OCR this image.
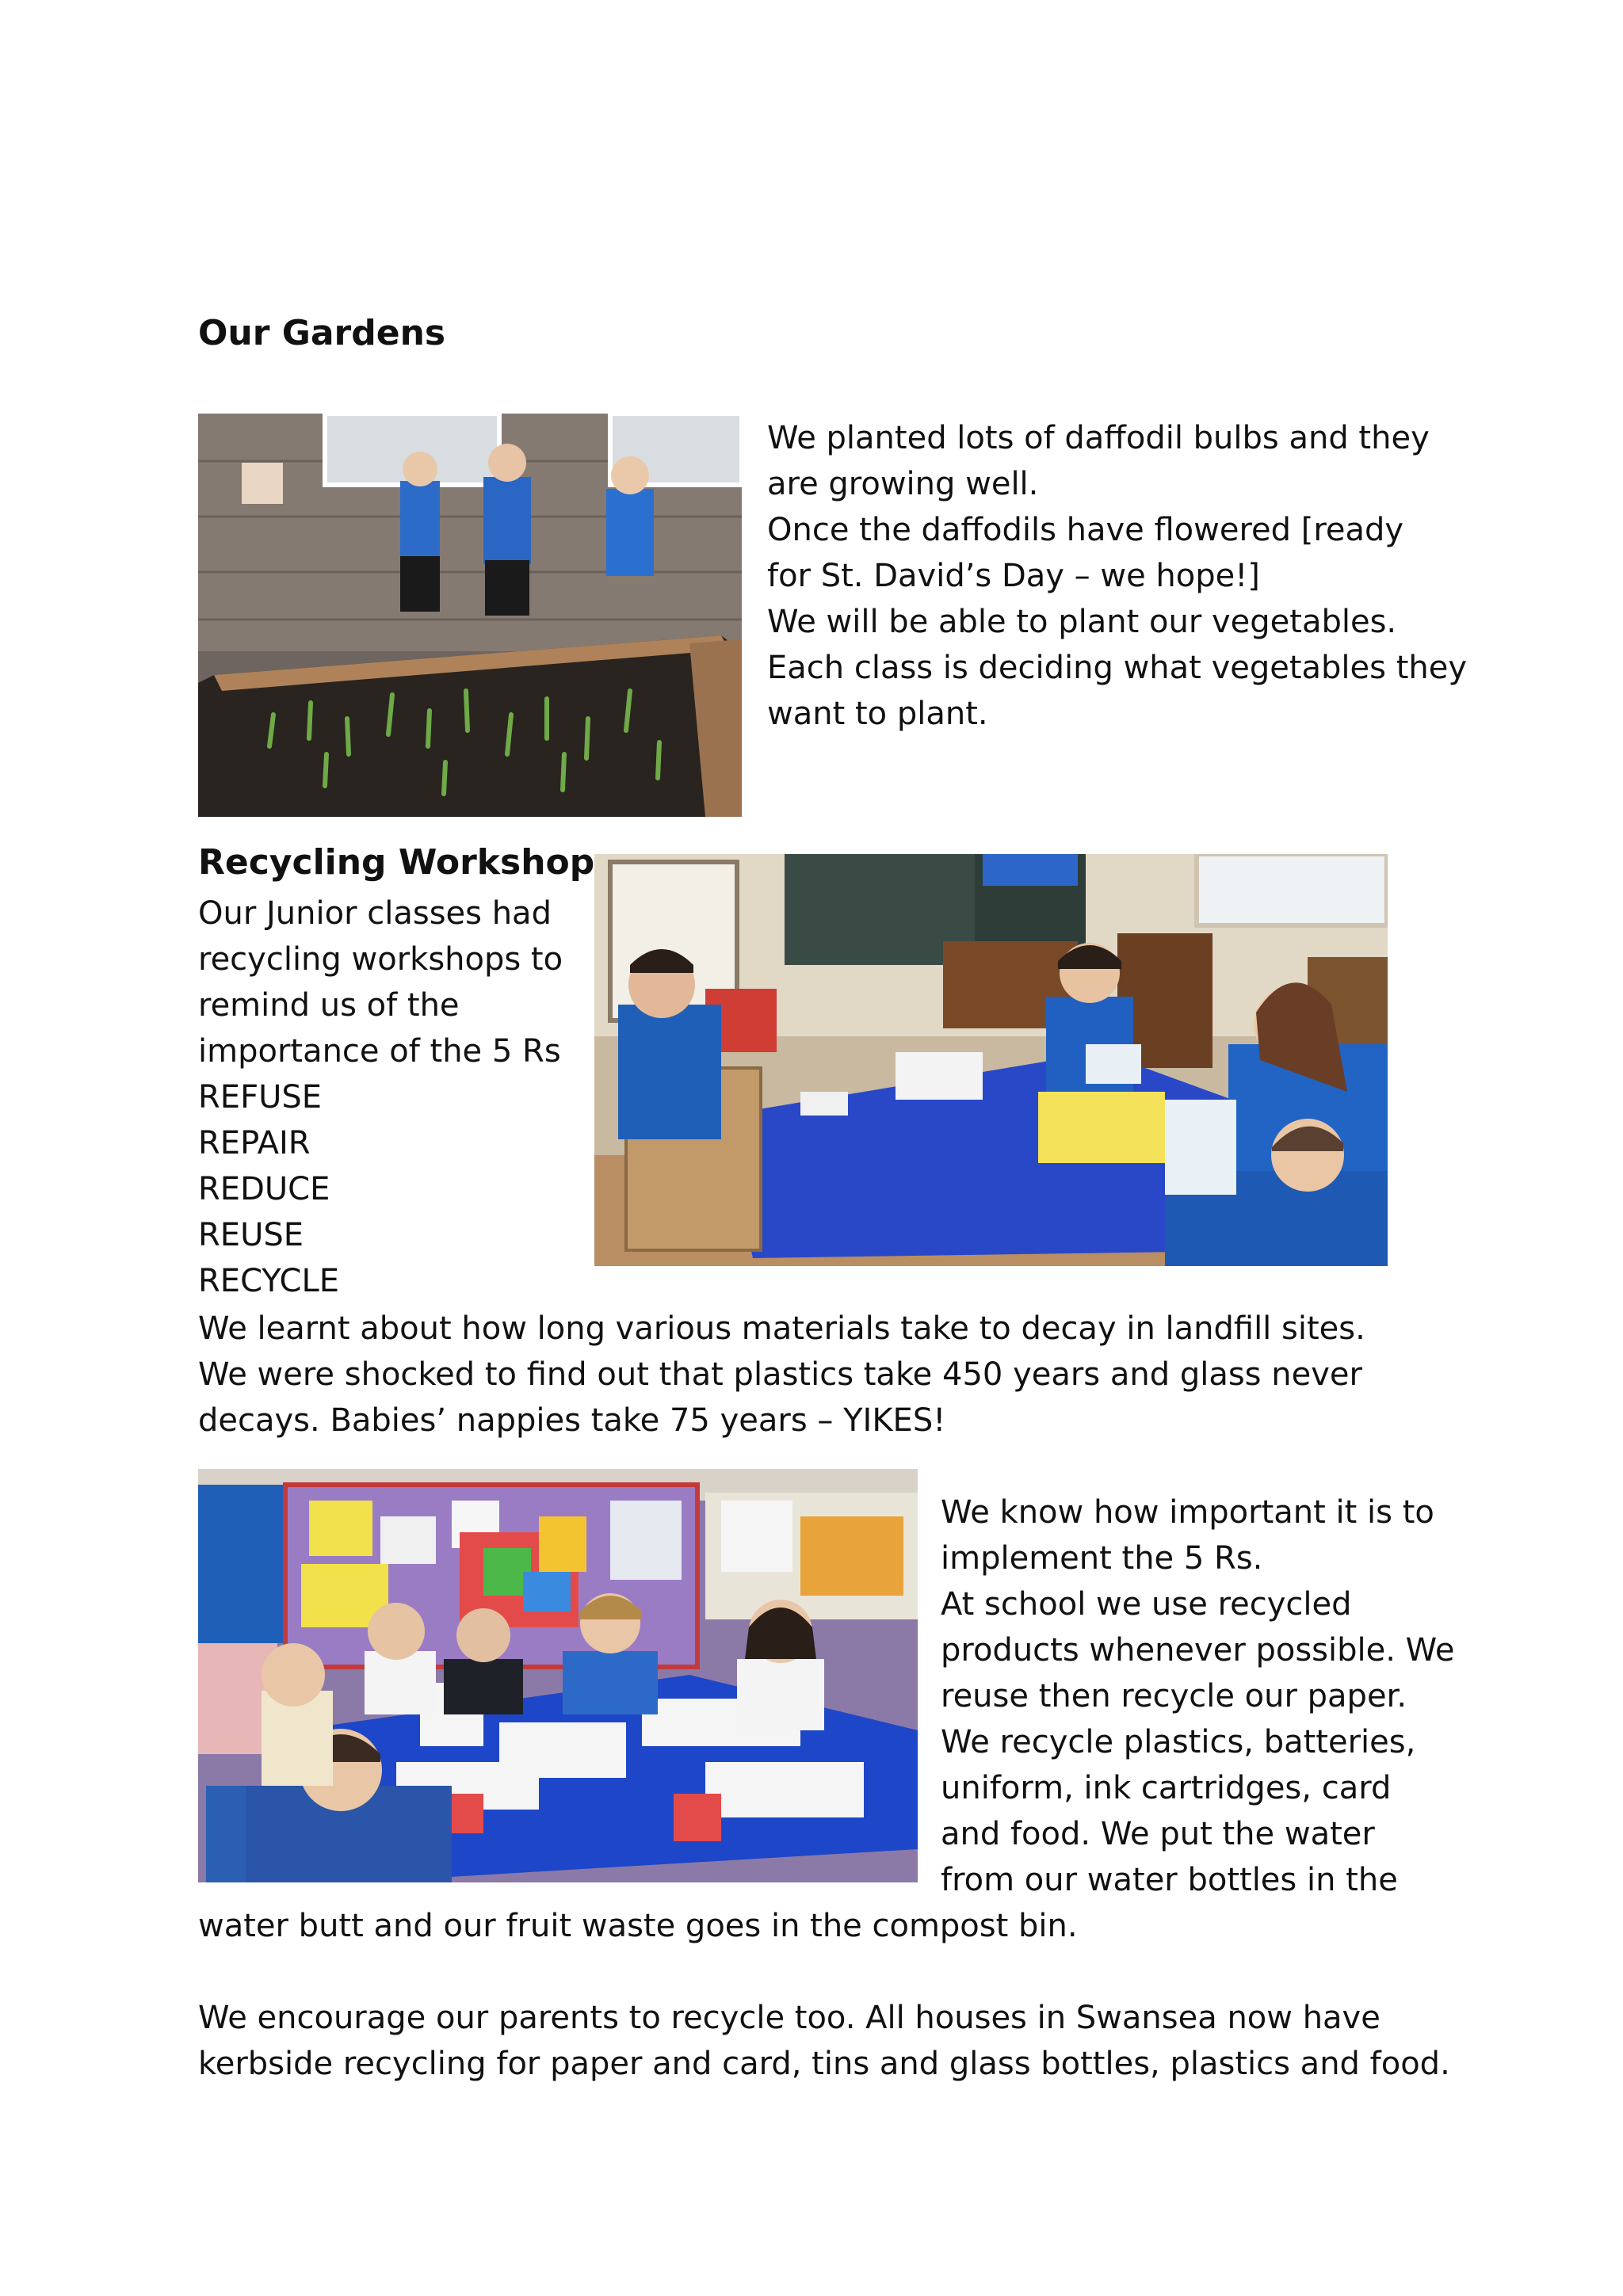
Our Gardens
We planted lots of daffodil bulbs and they
are growing well.
Once the daffodils have flowered [ready
for St. David’s Day – we hope!]
We will be able to plant our vegetables.
Each class is deciding what vegetables they
want to plant.
Recycling Workshop
Our Junior classes had
recycling workshops to
remind us of the
importance of the 5 Rs
REFUSE
REPAIR
REDUCE
REUSE
RECYCLE
We learnt about how long various materials take to decay in landfill sites.
We were shocked to find out that plastics take 450 years and glass never
decays. Babies’ nappies take 75 years – YIKES!
We know how important it is to
implement the 5 Rs.
At school we use recycled
products whenever possible. We
reuse then recycle our paper.
We recycle plastics, batteries,
uniform, ink cartridges, card
and food. We put the water
from our water bottles in the
water butt and our fruit waste goes in the compost bin.
We encourage our parents to recycle too. All houses in Swansea now have
kerbside recycling for paper and card, tins and glass bottles, plastics and food.
